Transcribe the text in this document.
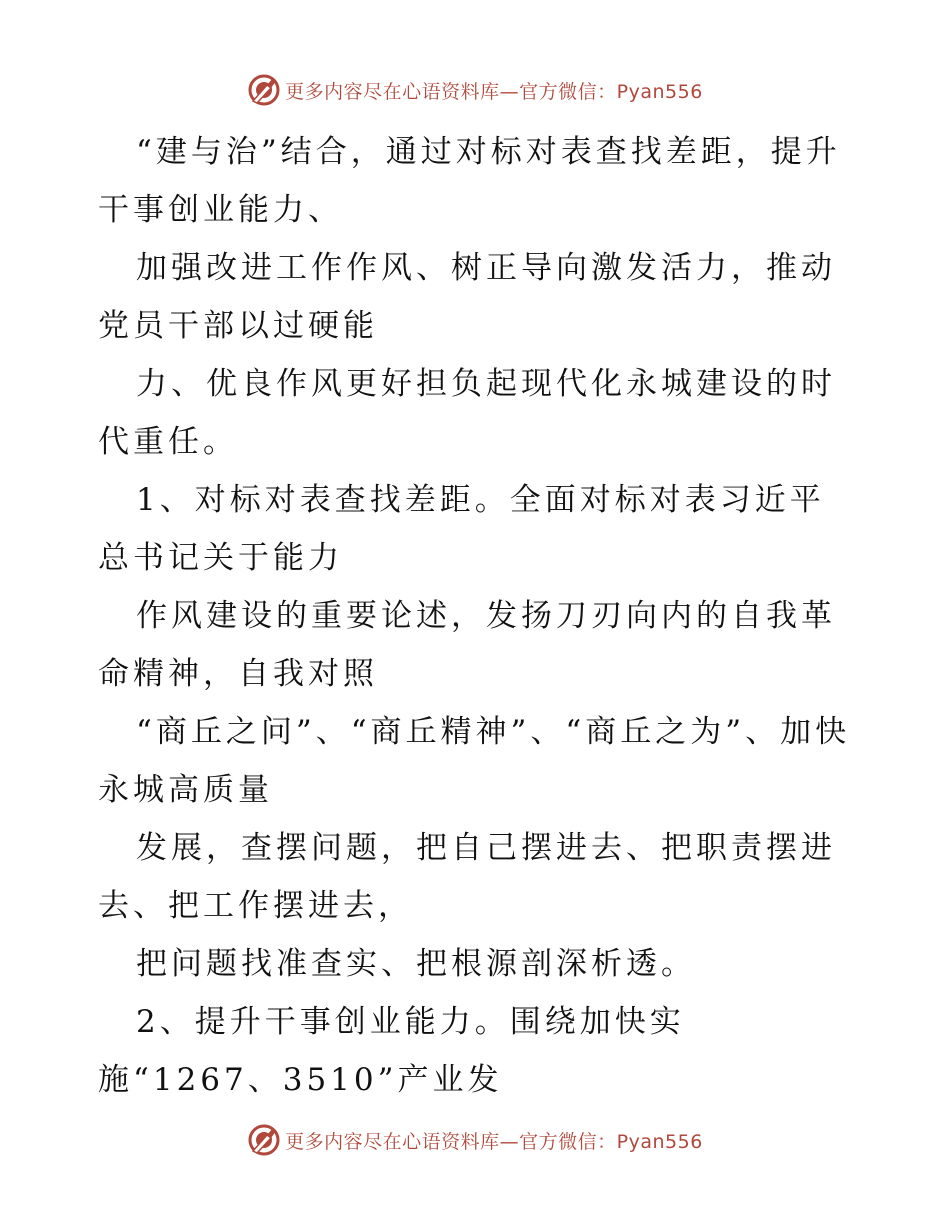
更多内容尽在心语资料库—官方微信：Pyan556

“建与治”结合，通过对标对表查找差距，提升干事创业能力、

加强改进工作作风、树正导向激发活力，推动党员干部以过硬能

力、优良作风更好担负起现代化永城建设的时代重任。

1、对标对表查找差距。全面对标对表习近平总书记关于能力

作风建设的重要论述，发扬刀刃向内的自我革命精神，自我对照

“商丘之问”、“商丘精神”、“商丘之为”、加快永城高质量

发展，查摆问题，把自己摆进去、把职责摆进去、把工作摆进去，

把问题找准查实、把根源剖深析透。

2、提升干事创业能力。围绕加快实施“1267、3510”产业发

更多内容尽在心语资料库—官方微信：Pyan556
